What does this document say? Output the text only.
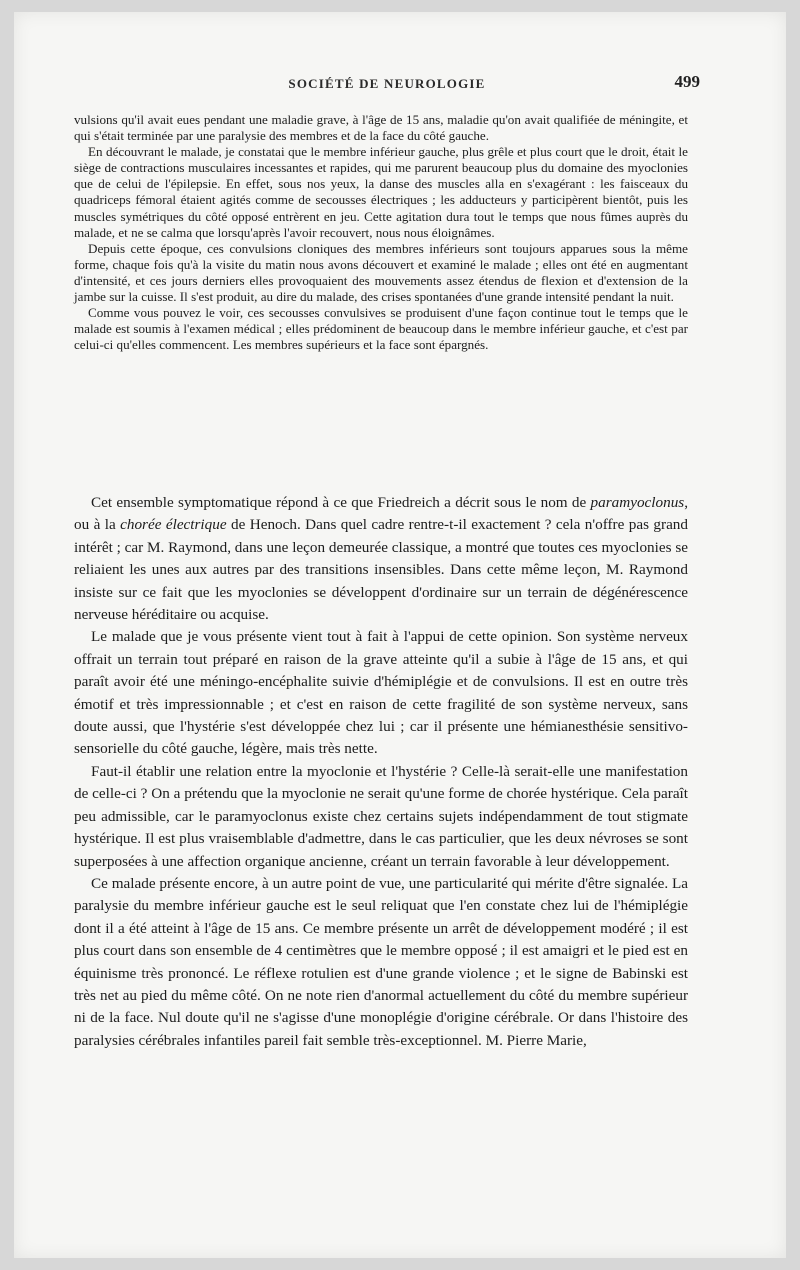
SOCIÉTÉ DE NEUROLOGIE	499

vulsions qu'il avait eues pendant une maladie grave, à l'âge de 15 ans, maladie qu'on avait qualifiée de méningite, et qui s'était terminée par une paralysie des membres et de la face du côté gauche.

En découvrant le malade, je constatai que le membre inférieur gauche, plus grêle et plus court que le droit, était le siège de contractions musculaires incessantes et rapides, qui me parurent beaucoup plus du domaine des myoclonies que de celui de l'épilepsie. En effet, sous nos yeux, la danse des muscles alla en s'exagérant : les faisceaux du quadriceps fémoral étaient agités comme de secousses électriques ; les adducteurs y participèrent bientôt, puis les muscles symétriques du côté opposé entrèrent en jeu. Cette agitation dura tout le temps que nous fûmes auprès du malade, et ne se calma que lorsqu'après l'avoir recouvert, nous nous éloignâmes.

Depuis cette époque, ces convulsions cloniques des membres inférieurs sont toujours apparues sous la même forme, chaque fois qu'à la visite du matin nous avons découvert et examiné le malade ; elles ont été en augmentant d'intensité, et ces jours derniers elles provoquaient des mouvements assez étendus de flexion et d'extension de la jambe sur la cuisse. Il s'est produit, au dire du malade, des crises spontanées d'une grande intensité pendant la nuit.

Comme vous pouvez le voir, ces secousses convulsives se produisent d'une façon continue tout le temps que le malade est soumis à l'examen médical ; elles prédominent de beaucoup dans le membre inférieur gauche, et c'est par celui-ci qu'elles commencent. Les membres supérieurs et la face sont épargnés.

Cet ensemble symptomatique répond à ce que Friedreich a décrit sous le nom de paramyoclonus, ou à la chorée électrique de Henoch. Dans quel cadre rentre-t-il exactement ? cela n'offre pas grand intérêt ; car M. Raymond, dans une leçon demeurée classique, a montré que toutes ces myoclonies se reliaient les unes aux autres par des transitions insensibles. Dans cette même leçon, M. Raymond insiste sur ce fait que les myoclonies se développent d'ordinaire sur un terrain de dégénérescence nerveuse héréditaire ou acquise.

Le malade que je vous présente vient tout à fait à l'appui de cette opinion. Son système nerveux offrait un terrain tout préparé en raison de la grave atteinte qu'il a subie à l'âge de 15 ans, et qui paraît avoir été une méningo-encéphalite suivie d'hémiplégie et de convulsions. Il est en outre très émotif et très impressionnable ; et c'est en raison de cette fragilité de son système nerveux, sans doute aussi, que l'hystérie s'est développée chez lui ; car il présente une hémianesthésie sensitivo-sensorielle du côté gauche, légère, mais très nette.

Faut-il établir une relation entre la myoclonie et l'hystérie ? Celle-là serait-elle une manifestation de celle-ci ? On a prétendu que la myoclonie ne serait qu'une forme de chorée hystérique. Cela paraît peu admissible, car le paramyoclonus existe chez certains sujets indépendamment de tout stigmate hystérique. Il est plus vraisemblable d'admettre, dans le cas particulier, que les deux névroses se sont superposées à une affection organique ancienne, créant un terrain favorable à leur développement.

Ce malade présente encore, à un autre point de vue, une particularité qui mérite d'être signalée. La paralysie du membre inférieur gauche est le seul reliquat que l'en constate chez lui de l'hémiplégie dont il a été atteint à l'âge de 15 ans. Ce membre présente un arrêt de développement modéré ; il est plus court dans son ensemble de 4 centimètres que le membre opposé ; il est amaigri et le pied est en équinisme très prononcé. Le réflexe rotulien est d'une grande violence ; et le signe de Babinski est très net au pied du même côté. On ne note rien d'anormal actuellement du côté du membre supérieur ni de la face. Nul doute qu'il ne s'agisse d'une monoplégie d'origine cérébrale. Or dans l'histoire des paralysies cérébrales infantiles pareil fait semble très-exceptionnel. M. Pierre Marie,
